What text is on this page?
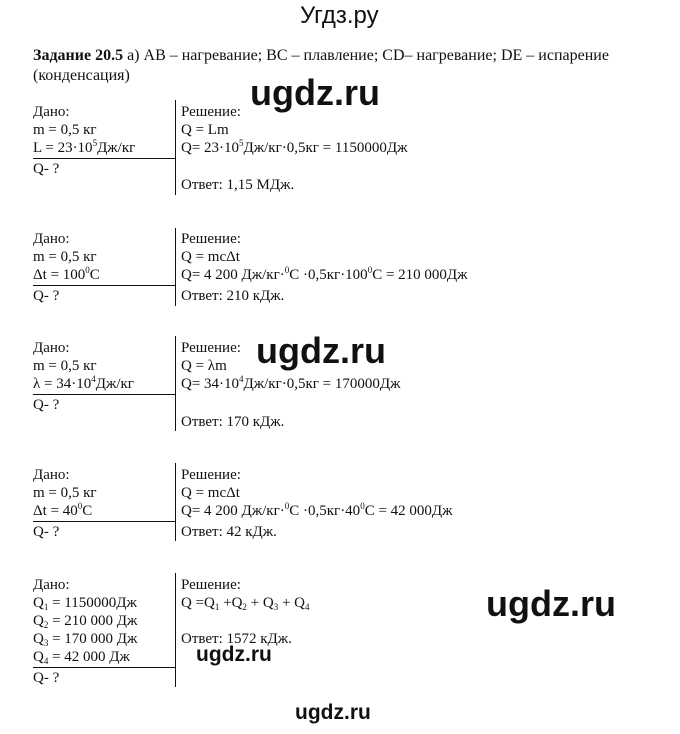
Угдз.ру
Задание 20.5 а) АВ – нагревание; ВС – плавление; CD– нагревание; DE – испарение
(конденсация)
Дано:
m = 0,5 кг
$L = 23\cdot 10^5Дж/кг$
Q- ?
Решение:
Q = Lm
$Q= 23\cdot 10^5Дж/кг\cdot 0,5кг = 1150000Дж$
Ответ: 1,15 МДж.
Дано:
m = 0,5 кг
$\Delta t = 100^0C$
Q- ?
Решение:
Q = mcΔt
Q= 4 200 $Дж/кг\cdot^0C \cdot 0,5кг\cdot 100^0C = 210$ 000Дж
Ответ: 210 кДж.
Дано:
m = 0,5 кг
$\lambda = 34\cdot 10^4Дж/кг$
Q- ?
Решение:
Q = λm
$Q= 34\cdot 10^4Дж/кг\cdot 0,5кг = 170000Дж$
Ответ: 170 кДж.
Дано:
m = 0,5 кг
$\Delta t = 40^0C$
Q- ?
Решение:
Q = mcΔt
Q= 4 200 $Дж/кг\cdot^0C \cdot 0,5кг\cdot 40^0C = 42$ 000Дж
Ответ: 42 кДж.
Дано:
$Q_1 = 1150000Дж$
$Q_2 = 210$ 000 Дж
$Q_3 = 170$ 000 Дж
$Q_4 = 42$ 000 Дж
Q- ?
Решение:
$Q =Q_1 +Q_2 + Q_3 + Q_4$
Ответ: 1572 кДж.
ugdz.ru
ugdz.ru
ugdz.ru
ugdz.ru
ugdz.ru
